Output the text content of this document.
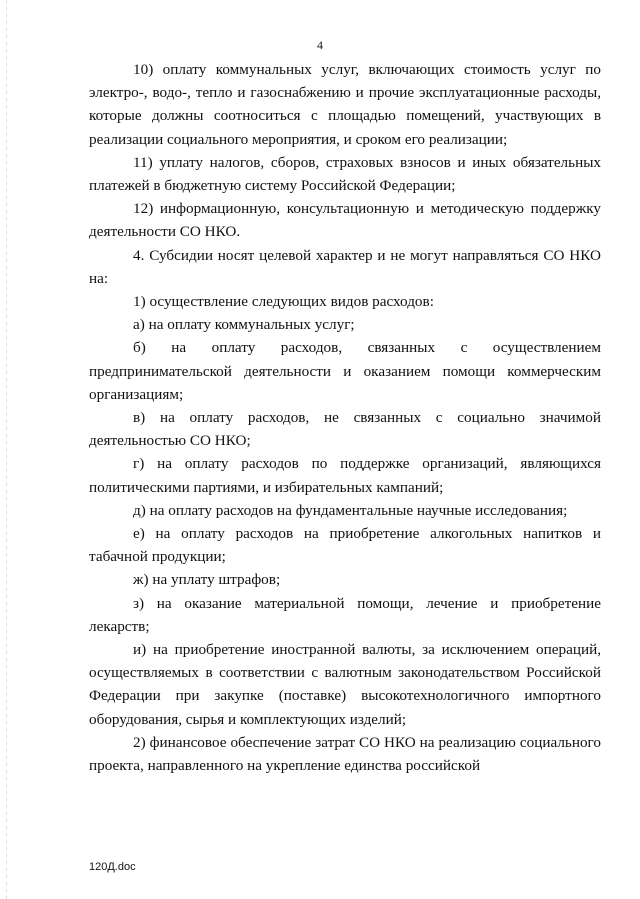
4

10) оплату коммунальных услуг, включающих стоимость услуг по электро-, водо-, тепло и газоснабжению и прочие эксплуатационные расходы, которые должны соотноситься с площадью помещений, участвующих в реализации социального мероприятия, и сроком его реализации;

11) уплату налогов, сборов, страховых взносов и иных обязательных платежей в бюджетную систему Российской Федерации;

12) информационную, консультационную и методическую поддержку деятельности СО НКО.

4. Субсидии носят целевой характер и не могут направляться СО НКО на:

1) осуществление следующих видов расходов:

а) на оплату коммунальных услуг;

б) на оплату расходов, связанных с осуществлением предпринимательской деятельности и оказанием помощи коммерческим организациям;

в) на оплату расходов, не связанных с социально значимой деятельностью СО НКО;

г) на оплату расходов по поддержке организаций, являющихся политическими партиями, и избирательных кампаний;

д) на оплату расходов на фундаментальные научные исследования;

е) на оплату расходов на приобретение алкогольных напитков и табачной продукции;

ж) на уплату штрафов;

з) на оказание материальной помощи, лечение и приобретение лекарств;

и) на приобретение иностранной валюты, за исключением операций, осуществляемых в соответствии с валютным законодательством Российской Федерации при закупке (поставке) высокотехнологичного импортного оборудования, сырья и комплектующих изделий;

2) финансовое обеспечение затрат СО НКО на реализацию социального проекта, направленного на укрепление единства российской

120Д.doc
